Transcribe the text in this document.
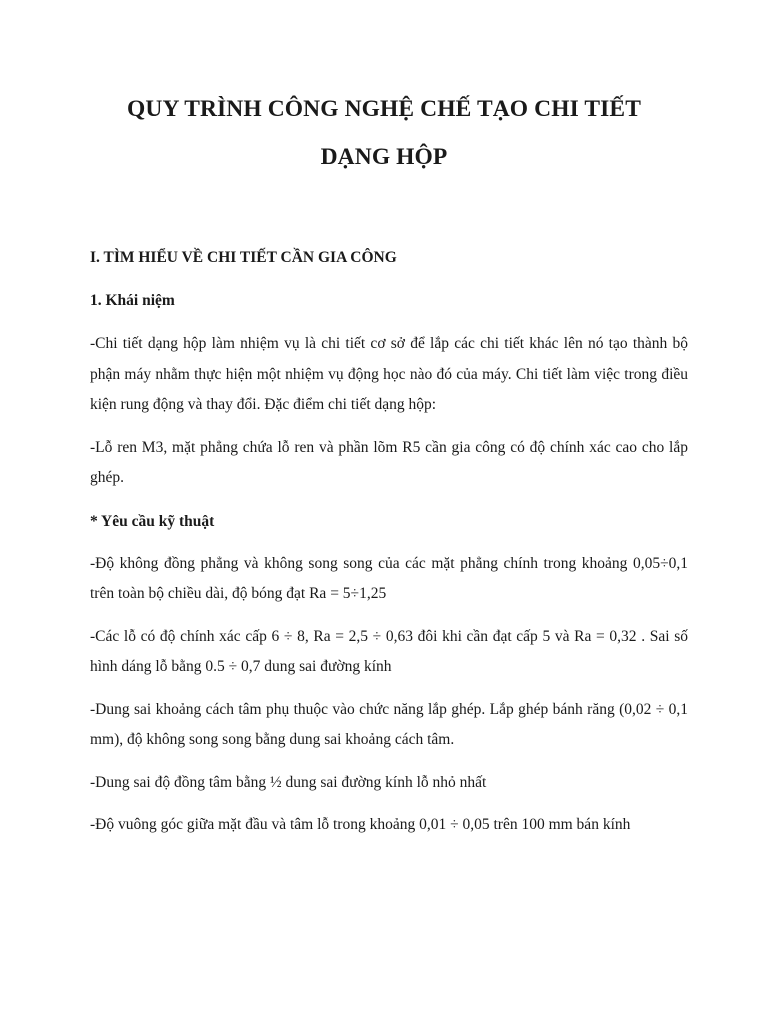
QUY TRÌNH CÔNG NGHỆ CHẾ TẠO CHI TIẾT
DẠNG HỘP

I. TÌM HIỂU VỀ CHI TIẾT CẦN GIA CÔNG

1. Khái niệm

-Chi tiết dạng hộp làm nhiệm vụ là chi tiết cơ sở để lắp các chi tiết khác lên nó tạo thành bộ phận máy nhằm thực hiện một nhiệm vụ động học nào đó của máy. Chi tiết làm việc trong điều kiện rung động và thay đổi. Đặc điểm chi tiết dạng hộp:

-Lỗ ren M3, mặt phẳng chứa lỗ ren và phần lõm R5 cần gia công có độ chính xác cao cho lắp ghép.

* Yêu cầu kỹ thuật

-Độ không đồng phẳng và không song song của các mặt phẳng chính trong khoảng 0,05÷0,1 trên toàn bộ chiều dài, độ bóng đạt Ra = 5÷1,25

-Các lỗ có độ chính xác cấp 6 ÷ 8, Ra = 2,5 ÷ 0,63 đôi khi cần đạt cấp 5 và Ra = 0,32 . Sai số hình dáng lỗ bằng 0.5 ÷ 0,7 dung sai đường kính

-Dung sai khoảng cách tâm phụ thuộc vào chức năng lắp ghép. Lắp ghép bánh răng (0,02 ÷ 0,1 mm), độ không song song bằng dung sai khoảng cách tâm.

-Dung sai độ đồng tâm bằng ½ dung sai đường kính lỗ nhỏ nhất

-Độ vuông góc giữa mặt đầu và tâm lỗ trong khoảng 0,01 ÷ 0,05 trên 100 mm bán kính
